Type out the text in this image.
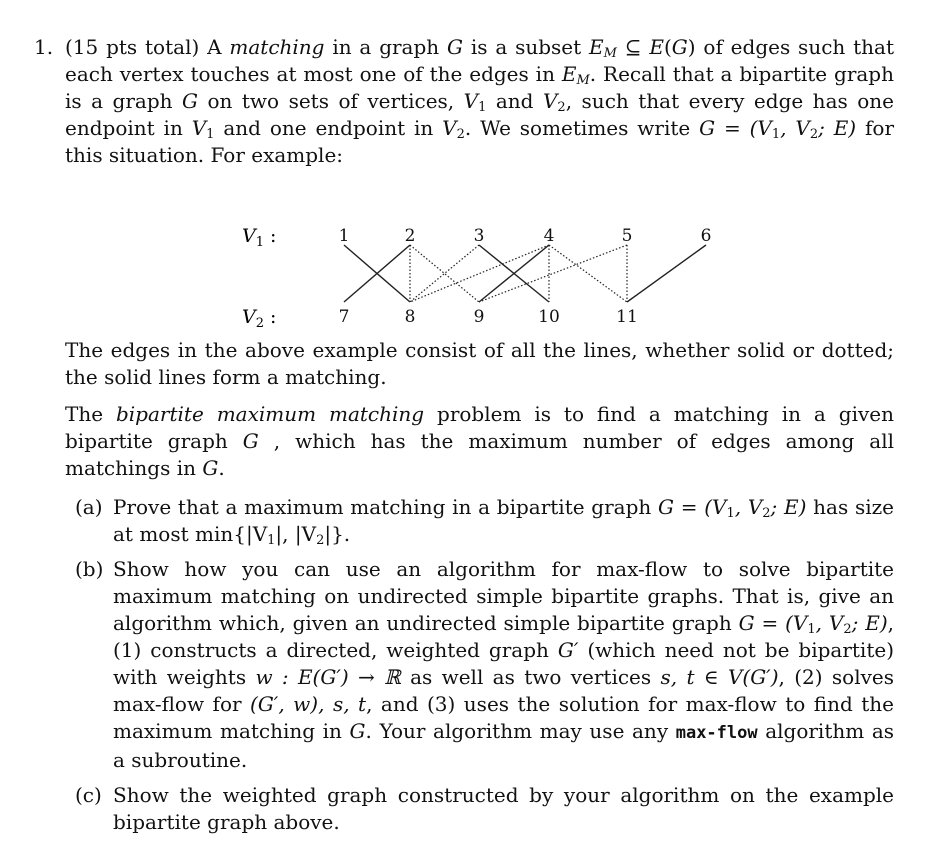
1. (15 pts total) A matching in a graph G is a subset $E_M$ ⊆ E(G) of edges such that each vertex touches at most one of the edges in $E_M$. Recall that a bipartite graph is a graph G on two sets of vertices, $V_1$ and $V_2$, such that every edge has one endpoint in $V_1$ and one endpoint in $V_2$. We sometimes write $G = (V_1$, $V_2$; E) for this situation. For example:
$V_1$ :
$V_2$ :
1	2	3	4	5	6
7	8	9	10	11
The edges in the above example consist of all the lines, whether solid or dotted; the solid lines form a matching.
The bipartite maximum matching problem is to find a matching in a given bipartite graph G , which has the maximum number of edges among all matchings in G.
(a) Prove that a maximum matching in a bipartite graph $G = (V_1$, $V_2$; E) has size at most $\min\{|V_1|$, $|V_2|$}.
(b) Show how you can use an algorithm for max-flow to solve bipartite maximum matching on undirected simple bipartite graphs. That is, give an algorithm which, given an undirected simple bipartite graph $G = (V_1$, $V_2$; E), (1) constructs a directed, weighted graph G′ (which need not be bipartite) with weights w : E(G′) → ℝ as well as two vertices s, t ∈ V(G′), (2) solves max-flow for (G′, w), s, t, and (3) uses the solution for max-flow to find the maximum matching in G. Your algorithm may use any max-flow algorithm as a subroutine.
(c) Show the weighted graph constructed by your algorithm on the example bipartite graph above.
